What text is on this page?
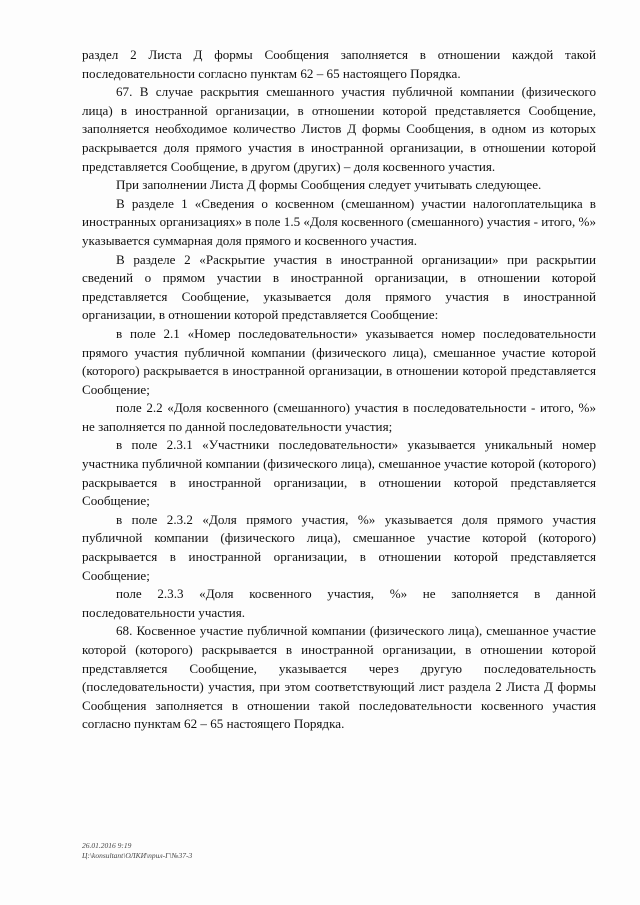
раздел 2 Листа Д формы Сообщения заполняется в отношении каждой такой последовательности согласно пунктам 62 – 65 настоящего Порядка.

67. В случае раскрытия смешанного участия публичной компании (физического лица) в иностранной организации, в отношении которой представляется Сообщение, заполняется необходимое количество Листов Д формы Сообщения, в одном из которых раскрывается доля прямого участия в иностранной организации, в отношении которой представляется Сообщение, в другом (других) – доля косвенного участия.

При заполнении Листа Д формы Сообщения следует учитывать следующее.

В разделе 1 «Сведения о косвенном (смешанном) участии налогоплательщика в иностранных организациях» в поле 1.5 «Доля косвенного (смешанного) участия - итого, %» указывается суммарная доля прямого и косвенного участия.

В разделе 2 «Раскрытие участия в иностранной организации» при раскрытии сведений о прямом участии в иностранной организации, в отношении которой представляется Сообщение, указывается доля прямого участия в иностранной организации, в отношении которой представляется Сообщение:

в поле 2.1 «Номер последовательности» указывается номер последовательности прямого участия публичной компании (физического лица), смешанное участие которой (которого) раскрывается в иностранной организации, в отношении которой представляется Сообщение;

поле 2.2 «Доля косвенного (смешанного) участия в последовательности - итого, %» не заполняется по данной последовательности участия;

в поле 2.3.1 «Участники последовательности» указывается уникальный номер участника публичной компании (физического лица), смешанное участие которой (которого) раскрывается в иностранной организации, в отношении которой представляется Сообщение;

в поле 2.3.2 «Доля прямого участия, %» указывается доля прямого участия публичной компании (физического лица), смешанное участие которой (которого) раскрывается в иностранной организации, в отношении которой представляется Сообщение;

поле 2.3.3 «Доля косвенного участия, %» не заполняется в данной последовательности участия.

68. Косвенное участие публичной компании (физического лица), смешанное участие которой (которого) раскрывается в иностранной организации, в отношении которой представляется Сообщение, указывается через другую последовательность (последовательности) участия, при этом соответствующий лист раздела 2 Листа Д формы Сообщения заполняется в отношении такой последовательности косвенного участия согласно пунктам 62 – 65 настоящего Порядка.

26.01.2016 9:19
Ц:\konsultant\ОЛКИ\прил-Г\№37-3
